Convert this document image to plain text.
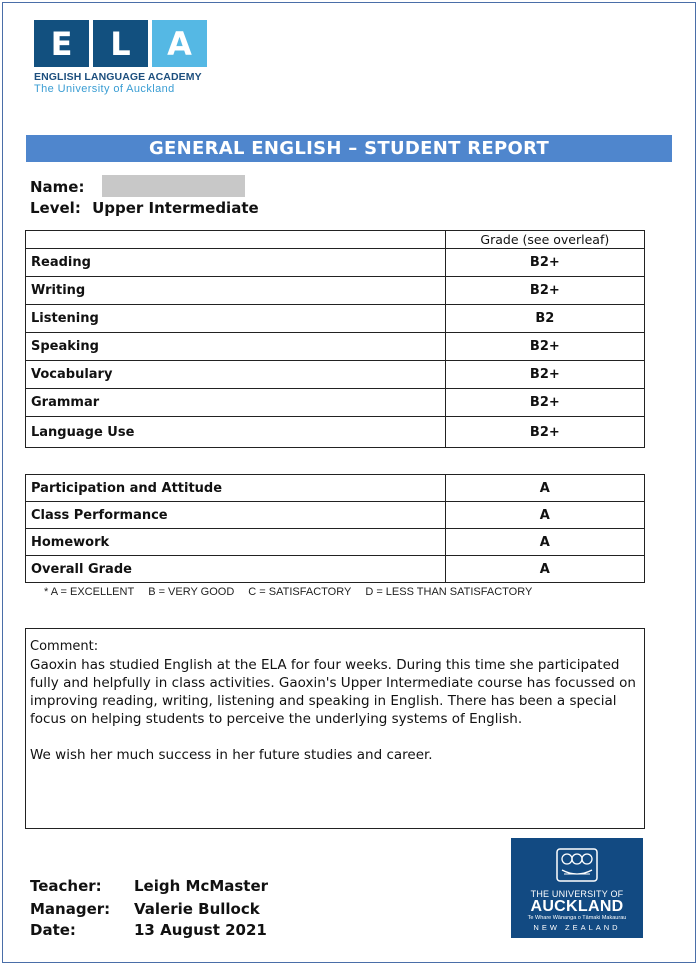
E	L	A
ENGLISH LANGUAGE ACADEMY
The University of Auckland
GENERAL ENGLISH – STUDENT REPORT
Name:
Level: Upper Intermediate
	Grade (see overleaf)
Reading	B2+
Writing	B2+
Listening	B2
Speaking	B2+
Vocabulary	B2+
Grammar	B2+
Language Use	B2+
Participation and Attitude	A
Class Performance	A
Homework	A
Overall Grade	A
* A = EXCELLENT B = VERY GOOD C = SATISFACTORY D = LESS THAN SATISFACTORY
Comment:
Gaoxin has studied English at the ELA for four weeks. During this time she participated fully and helpfully in class activities. Gaoxin's Upper Intermediate course has focussed on improving reading, writing, listening and speaking in English. There has been a special focus on helping students to perceive the underlying systems of English.

We wish her much success in her future studies and career.
Teacher: Leigh McMaster
Manager: Valerie Bullock
Date:	13 August 2021
THE UNIVERSITY OF
AUCKLAND
Te Whare Wānanga o Tāmaki Makaurau
NEW ZEALAND
